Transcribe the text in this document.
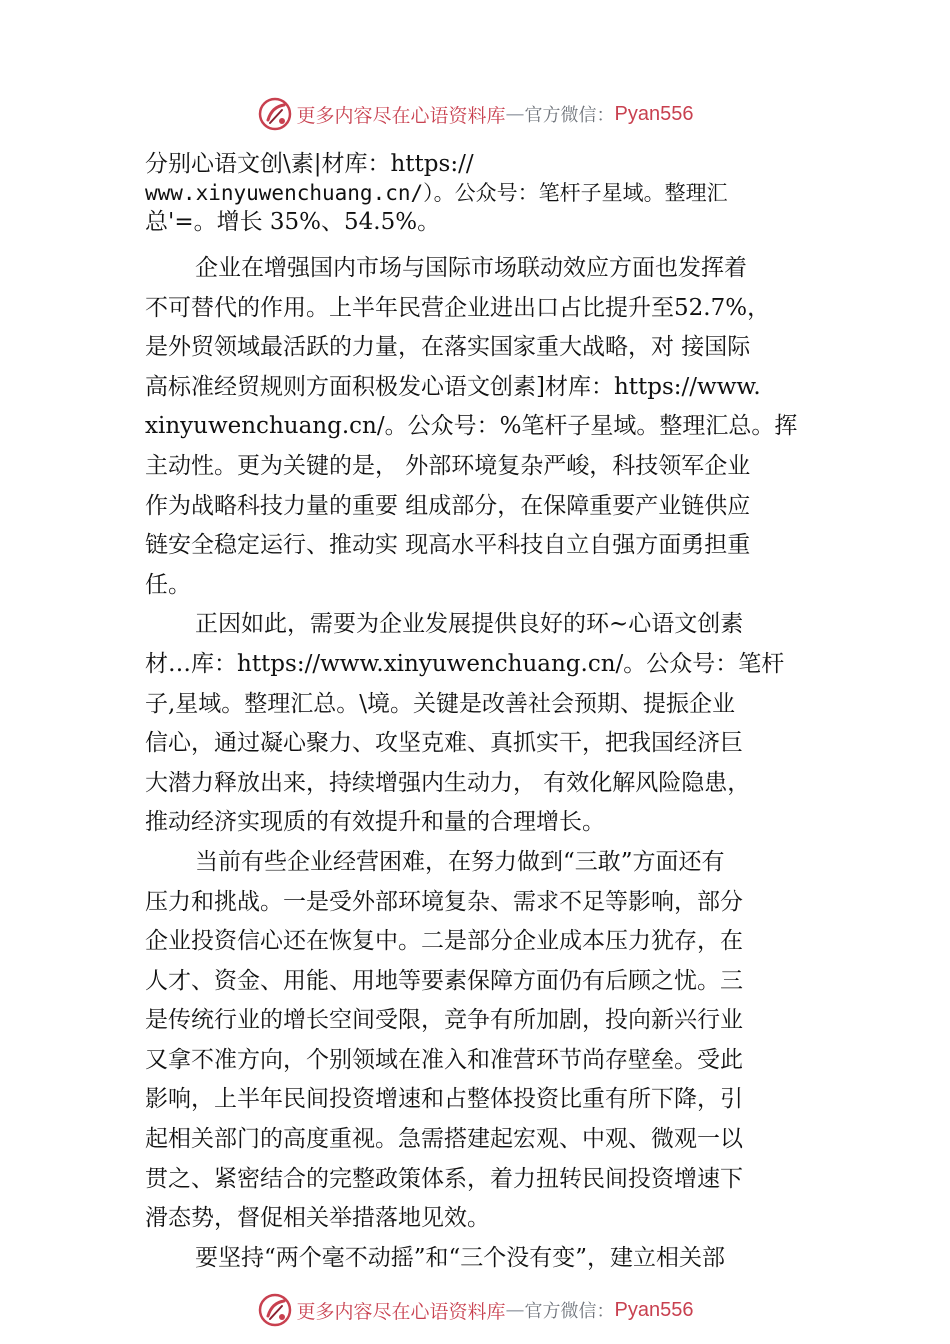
更多内容尽在心语资料库 — 官方微信： Pyan556
分别心语文创\素|材库：https://
www.xinyuwenchuang.cn/）。公众号：笔杆子星域。整理汇
总'=。增长 35%、54.5%。
企业在增强国内市场与国际市场联动效应方面也发挥着
不可替代的作用。上半年民营企业进出口占比提升至52.7%，
是外贸领域最活跃的力量，在落实国家重大战略，对 接国际
高标准经贸规则方面积极发心语文创素]材库：https://www.
xinyuwenchuang.cn/。公众号：%笔杆子星域。整理汇总。挥
主动性。更为关键的是， 外部环境复杂严峻，科技领军企业
作为战略科技力量的重要 组成部分，在保障重要产业链供应
链安全稳定运行、推动实 现高水平科技自立自强方面勇担重
任。
正因如此，需要为企业发展提供良好的环~心语文创素
材…库：https://www.xinyuwenchuang.cn/。公众号：笔杆
子,星域。整理汇总。\境。关键是改善社会预期、提振企业
信心，通过凝心聚力、攻坚克难、真抓实干，把我国经济巨
大潜力释放出来，持续增强内生动力， 有效化解风险隐患，
推动经济实现质的有效提升和量的合理增长。
当前有些企业经营困难，在努力做到“三敢”方面还有
压力和挑战。一是受外部环境复杂、需求不足等影响，部分
企业投资信心还在恢复中。二是部分企业成本压力犹存，在
人才、资金、用能、用地等要素保障方面仍有后顾之忧。三
是传统行业的增长空间受限，竞争有所加剧，投向新兴行业
又拿不准方向，个别领域在准入和准营环节尚存壁垒。受此
影响，上半年民间投资增速和占整体投资比重有所下降，引
起相关部门的高度重视。急需搭建起宏观、中观、微观一以
贯之、紧密结合的完整政策体系，着力扭转民间投资增速下
滑态势，督促相关举措落地见效。
要坚持“两个毫不动摇”和“三个没有变”，建立相关部
更多内容尽在心语资料库 — 官方微信： Pyan556
